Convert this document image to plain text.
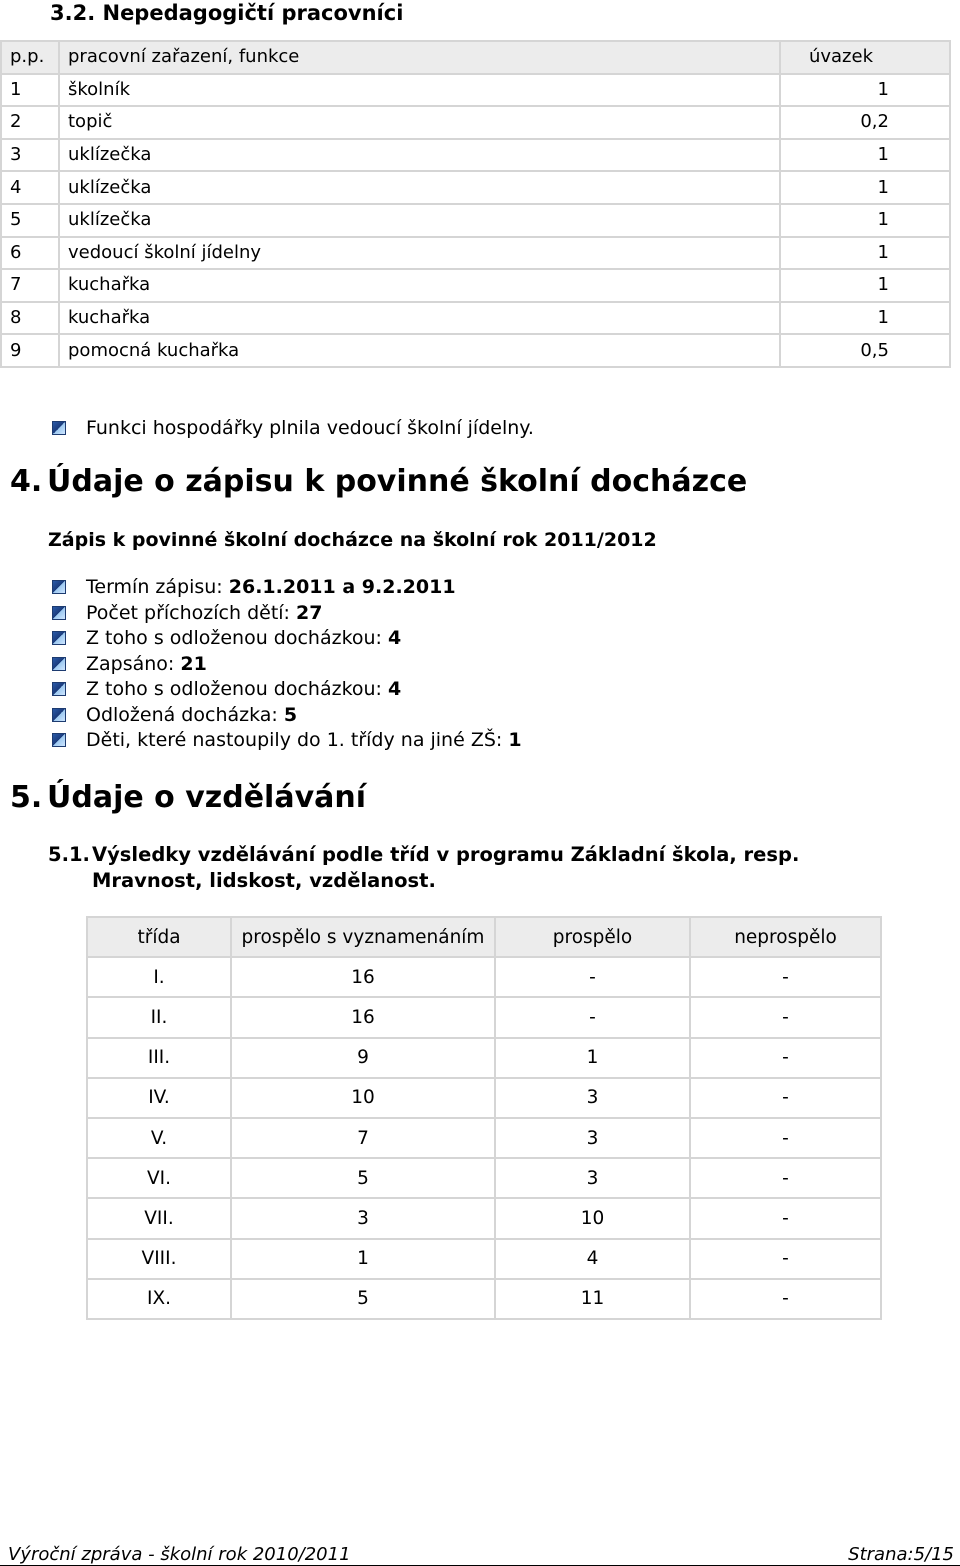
3.2. Nepedagogičtí pracovníci
p.p.	pracovní zařazení, funkce	úvazek
1	školník	1
2	topič	0,2
3	uklízečka	1
4	uklízečka	1
5	uklízečka	1
6	vedoucí školní jídelny	1
7	kuchařka	1
8	kuchařka	1
9	pomocná kuchařka	0,5
Funkci hospodářky plnila vedoucí školní jídelny.
4. Údaje o zápisu k povinné školní docházce
Zápis k povinné školní docházce na školní rok 2011/2012
Termín zápisu: 26.1.2011 a 9.2.2011
Počet příchozích dětí: 27
Z toho s odloženou docházkou: 4
Zapsáno: 21
Z toho s odloženou docházkou: 4
Odložená docházka: 5
Děti, které nastoupily do 1. třídy na jiné ZŠ: 1
5. Údaje o vzdělávání
5.1. Výsledky vzdělávání podle tříd v programu Základní škola, resp.
Mravnost, lidskost, vzdělanost.
třída	prospělo s vyznamenáním	prospělo	neprospělo
I.	16	-	-
II.	16	-	-
III.	9	1	-
IV.	10	3	-
V.	7	3	-
VI.	5	3	-
VII.	3	10	-
VIII.	1	4	-
IX.	5	11	-
Výroční zpráva - školní rok 2010/2011	Strana:5/15
